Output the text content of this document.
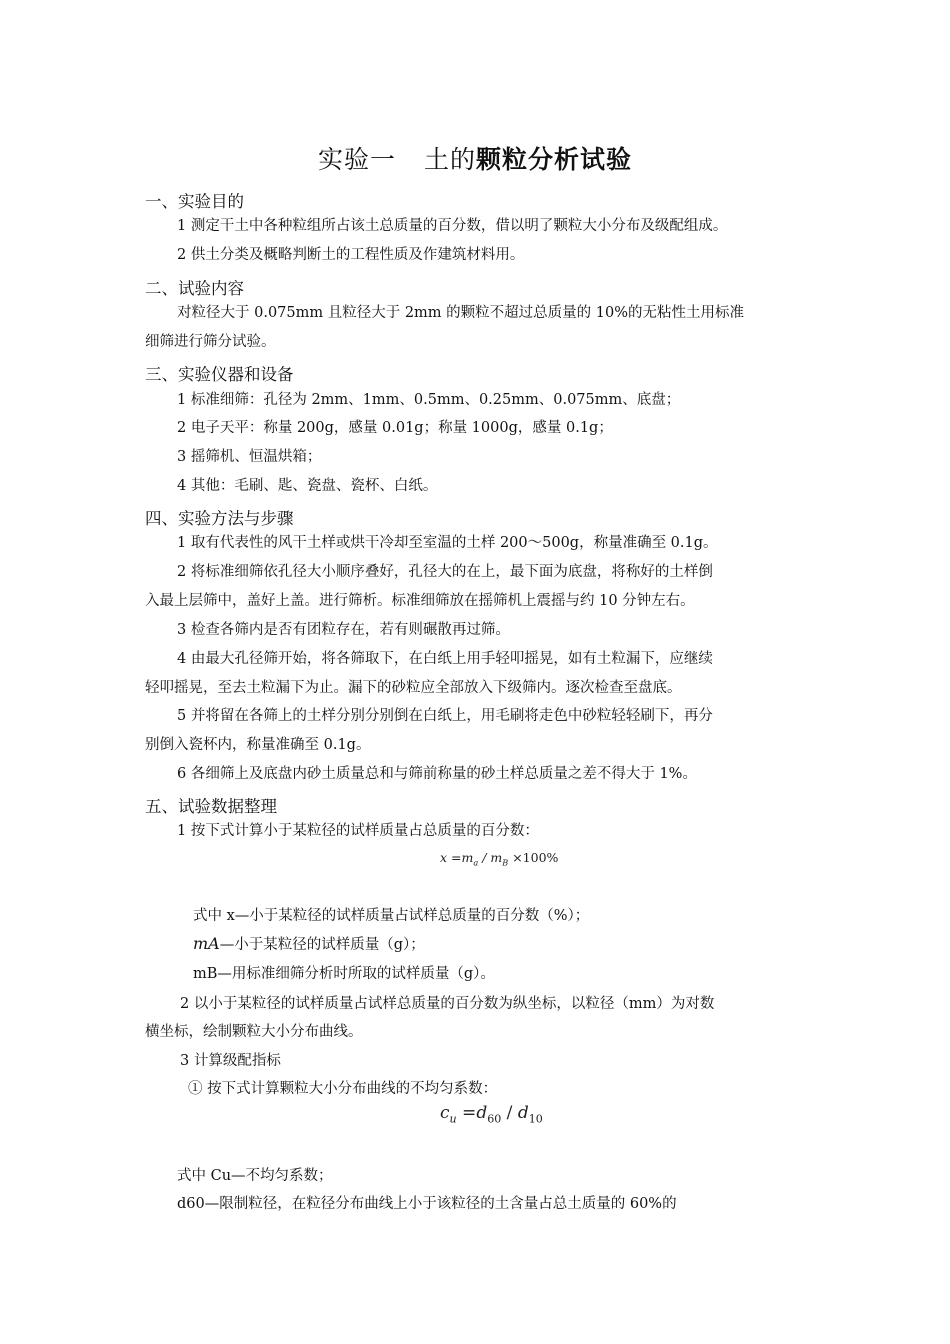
实验一 土的颗粒分析试验
一、实验目的
1 测定干土中各种粒组所占该土总质量的百分数，借以明了颗粒大小分布及级配组成。
2 供土分类及概略判断土的工程性质及作建筑材料用。
二、试验内容
对粒径大于 0.075mm 且粒径大于 2mm 的颗粒不超过总质量的 10%的无粘性土用标准
细筛进行筛分试验。
三、实验仪器和设备
1 标准细筛：孔径为 2mm、1mm、0.5mm、0.25mm、0.075mm、底盘；
2 电子天平：称量 200g，感量 0.01g；称量 1000g，感量 0.1g；
3 摇筛机、恒温烘箱；
4 其他：毛刷、匙、瓷盘、瓷杯、白纸。
四、实验方法与步骤
1 取有代表性的风干土样或烘干冷却至室温的土样 200～500g，称量准确至 0.1g。
2 将标准细筛依孔径大小顺序叠好，孔径大的在上，最下面为底盘，将称好的土样倒
入最上层筛中，盖好上盖。进行筛析。标准细筛放在摇筛机上震摇与约 10 分钟左右。
3 检查各筛内是否有团粒存在，若有则碾散再过筛。
4 由最大孔径筛开始，将各筛取下，在白纸上用手轻叩摇晃，如有土粒漏下，应继续
轻叩摇晃，至去土粒漏下为止。漏下的砂粒应全部放入下级筛内。逐次检查至盘底。
5 并将留在各筛上的土样分别分别倒在白纸上，用毛刷将走色中砂粒轻轻刷下，再分
别倒入瓷杯内，称量准确至 0.1g。
6 各细筛上及底盘内砂土质量总和与筛前称量的砂土样总质量之差不得大于 1%。
五、试验数据整理
1 按下式计算小于某粒径的试样质量占总质量的百分数：
$x =m_a / m_B \times 100\%$
式中 x—小于某粒径的试样质量占试样总质量的百分数（%）；
mA—小于某粒径的试样质量（g）；
mB—用标准细筛分析时所取的试样质量（g）。
2 以小于某粒径的试样质量占试样总质量的百分数为纵坐标，以粒径（mm）为对数
横坐标，绘制颗粒大小分布曲线。
3 计算级配指标
① 按下式计算颗粒大小分布曲线的不均匀系数：
$c_u =d_{60} / d_{10}$
式中 Cu—不均匀系数；
d60—限制粒径，在粒径分布曲线上小于该粒径的土含量占总土质量的 60%的
